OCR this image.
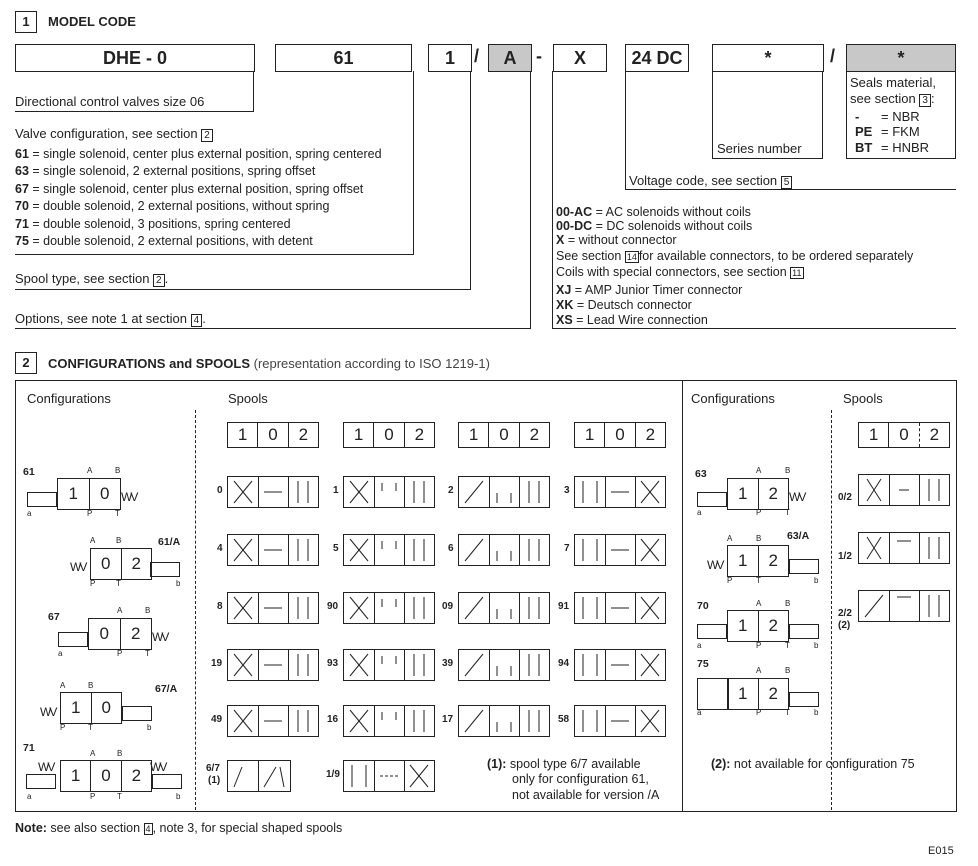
1	MODEL CODE
DHE - 0	61	1	/	A	-	X	24 DC	*	/	*
Directional control valves size 06
Valve configuration, see section 2
61 = single solenoid, center plus external position, spring centered
63 = single solenoid, 2 external positions, spring offset
67 = single solenoid, center plus external position, spring offset
70 = double solenoid, 2 external positions, without spring
71 = double solenoid, 3 positions, spring centered
75 = double solenoid, 2 external positions, with detent
Spool type, see section 2 .
Options, see note 1 at section 4 .
Series number
Voltage code, see section 5
Seals material,
see section 3 :
- = NBR
PE = FKM
BT = HNBR
00-AC = AC solenoids without coils
00-DC = DC solenoids without coils
X = without connector
See section 14 for available connectors, to be ordered separately
Coils with special connectors, see section 11
XJ = AMP Junior Timer connector
XK = Deutsch connector
XS = Lead Wire connection
2	CONFIGURATIONS and SPOOLS (representation according to ISO 1219-1)
Configurations	Spools	Configurations	Spools
1	0	2	1	0	2	1	0	2	1	0	2	1	0	2
0	1	2	3
4	5	6	7
8	90	09	91
19	93	39	94
49	16	17	58
6/7
(1)
1/9
(1): spool type 6/7 available
only for configuration 61,
not available for version /A
61	A	B
1	0 WV
P	T
a
61/A
A	B
WV 0	2
P	T	b
67
A	B
0	2 WV
P	T
a
67/A
A	B
WV 1	0
P	T	b
71	A	B
WV	1	0	2 WV
P	T
a	b
63	A	B
1	2 WV
P	T
a
63/A
A	B
WV 1	2
P	T	b
70	A	B
1	2
P	T
a	b
75
A	B
1	2
P	T
a	b
0/2
1/2
2/2
(2)
(2): not available for configuration 75
Note: see also section 4 , note 3, for special shaped spools
E015
